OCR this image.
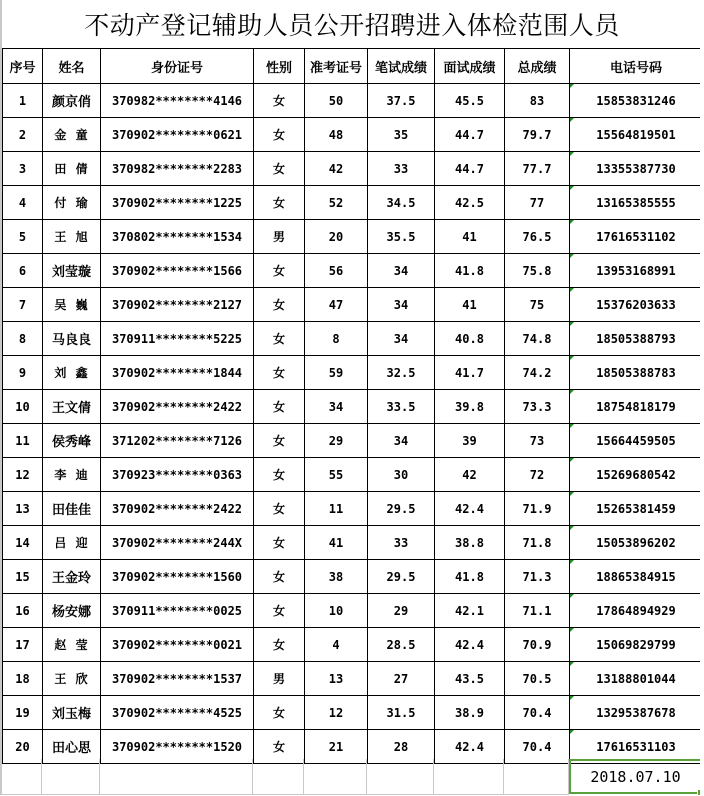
不动产登记辅助人员公开招聘进入体检范围人员
序号	姓名	身份证号	性别	准考证号	笔试成绩	面试成绩	总成绩	电话号码
1	颜京俏	370982********4146	女	50	37.5	45.5	83	15853831246
2	金 童	370902********0621	女	48	35	44.7	79.7	15564819501
3	田 倩	370982********2283	女	42	33	44.7	77.7	13355387730
4	付 瑜	370902********1225	女	52	34.5	42.5	77	13165385555
5	王 旭	370802********1534	男	20	35.5	41	76.5	17616531102
6	刘莹璇	370902********1566	女	56	34	41.8	75.8	13953168991
7	吴 巍	370902********2127	女	47	34	41	75	15376203633
8	马良良	370911********5225	女	8	34	40.8	74.8	18505388793
9	刘 鑫	370902********1844	女	59	32.5	41.7	74.2	18505388783
10	王文倩	370902********2422	女	34	33.5	39.8	73.3	18754818179
11	侯秀峰	371202********7126	女	29	34	39	73	15664459505
12	李 迪	370923********0363	女	55	30	42	72	15269680542
13	田佳佳	370902********2422	女	11	29.5	42.4	71.9	15265381459
14	吕 迎	370902********244X	女	41	33	38.8	71.8	15053896202
15	王金玲	370902********1560	女	38	29.5	41.8	71.3	18865384915
16	杨安娜	370911********0025	女	10	29	42.1	71.1	17864894929
17	赵 莹	370902********0021	女	4	28.5	42.4	70.9	15069829799
18	王 欣	370902********1537	男	13	27	43.5	70.5	13188801044
19	刘玉梅	370902********4525	女	12	31.5	38.9	70.4	13295387678
20	田心思	370902********1520	女	21	28	42.4	70.4	17616531103
2018.07.10
